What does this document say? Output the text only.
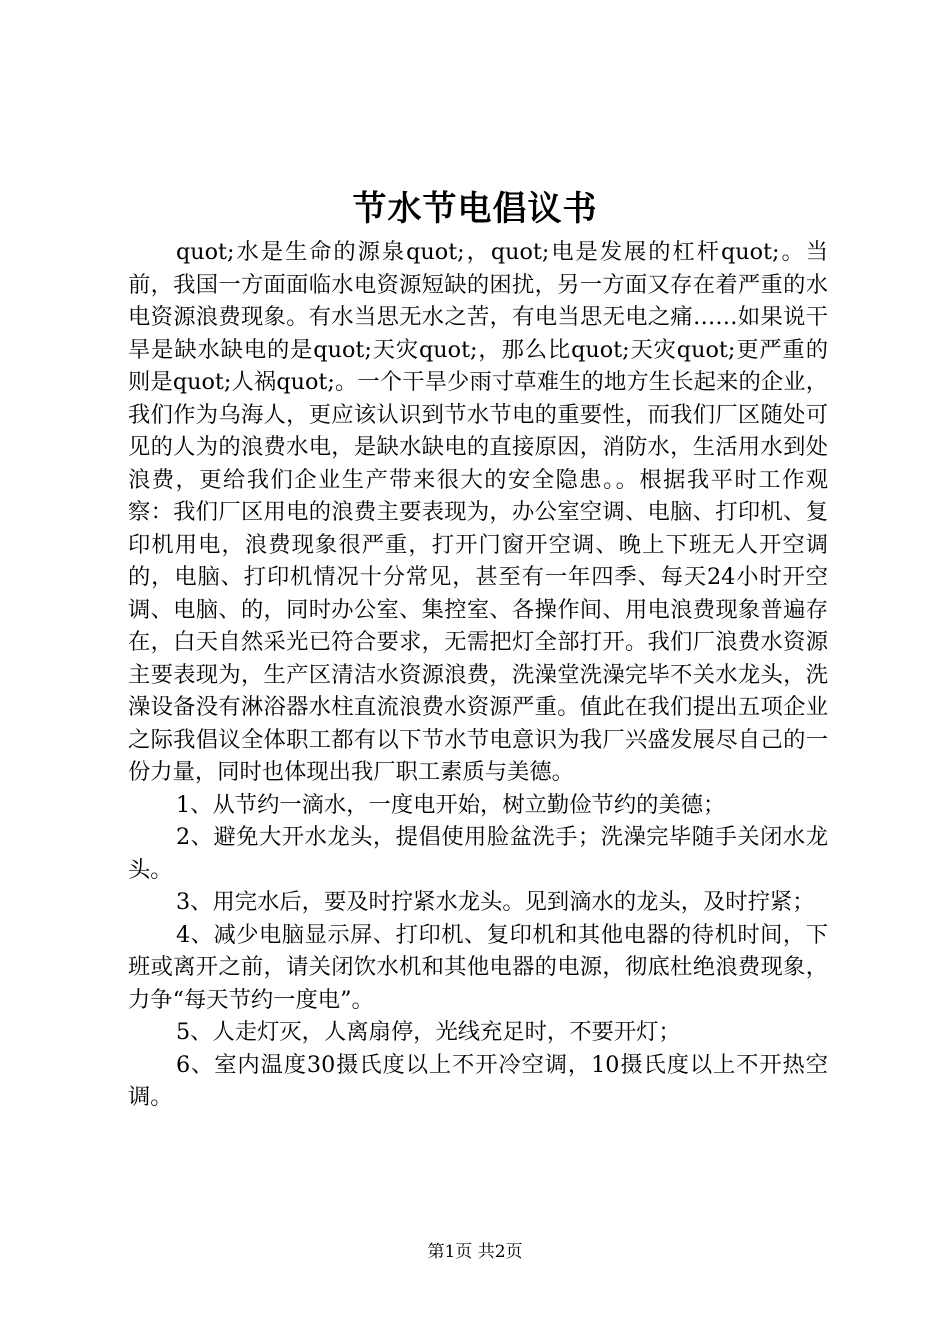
节水节电倡议书

quot;水是生命的源泉quot;，quot;电是发展的杠杆quot;。当前，我国一方面面临水电资源短缺的困扰，另一方面又存在着严重的水电资源浪费现象。有水当思无水之苦，有电当思无电之痛……如果说干旱是缺水缺电的是quot;天灾quot;，那么比quot;天灾quot;更严重的则是quot;人祸quot;。一个干旱少雨寸草难生的地方生长起来的企业，我们作为乌海人，更应该认识到节水节电的重要性，而我们厂区随处可见的人为的浪费水电，是缺水缺电的直接原因，消防水，生活用水到处浪费，更给我们企业生产带来很大的安全隐患。。根据我平时工作观察：我们厂区用电的浪费主要表现为，办公室空调、电脑、打印机、复印机用电，浪费现象很严重，打开门窗开空调、晚上下班无人开空调的，电脑、打印机情况十分常见，甚至有一年四季、每天24小时开空调、电脑、的，同时办公室、集控室、各操作间、用电浪费现象普遍存在，白天自然采光已符合要求，无需把灯全部打开。我们厂浪费水资源主要表现为，生产区清洁水资源浪费，洗澡堂洗澡完毕不关水龙头，洗澡设备没有淋浴器水柱直流浪费水资源严重。值此在我们提出五项企业之际我倡议全体职工都有以下节水节电意识为我厂兴盛发展尽自己的一份力量，同时也体现出我厂职工素质与美德。

1、从节约一滴水，一度电开始，树立勤俭节约的美德；

2、避免大开水龙头，提倡使用脸盆洗手；洗澡完毕随手关闭水龙头。

3、用完水后，要及时拧紧水龙头。见到滴水的龙头，及时拧紧；

4、减少电脑显示屏、打印机、复印机和其他电器的待机时间，下班或离开之前，请关闭饮水机和其他电器的电源，彻底杜绝浪费现象，力争“每天节约一度电”。

5、人走灯灭，人离扇停，光线充足时，不要开灯；

6、室内温度30摄氏度以上不开冷空调，10摄氏度以上不开热空调。

第1页 共2页
